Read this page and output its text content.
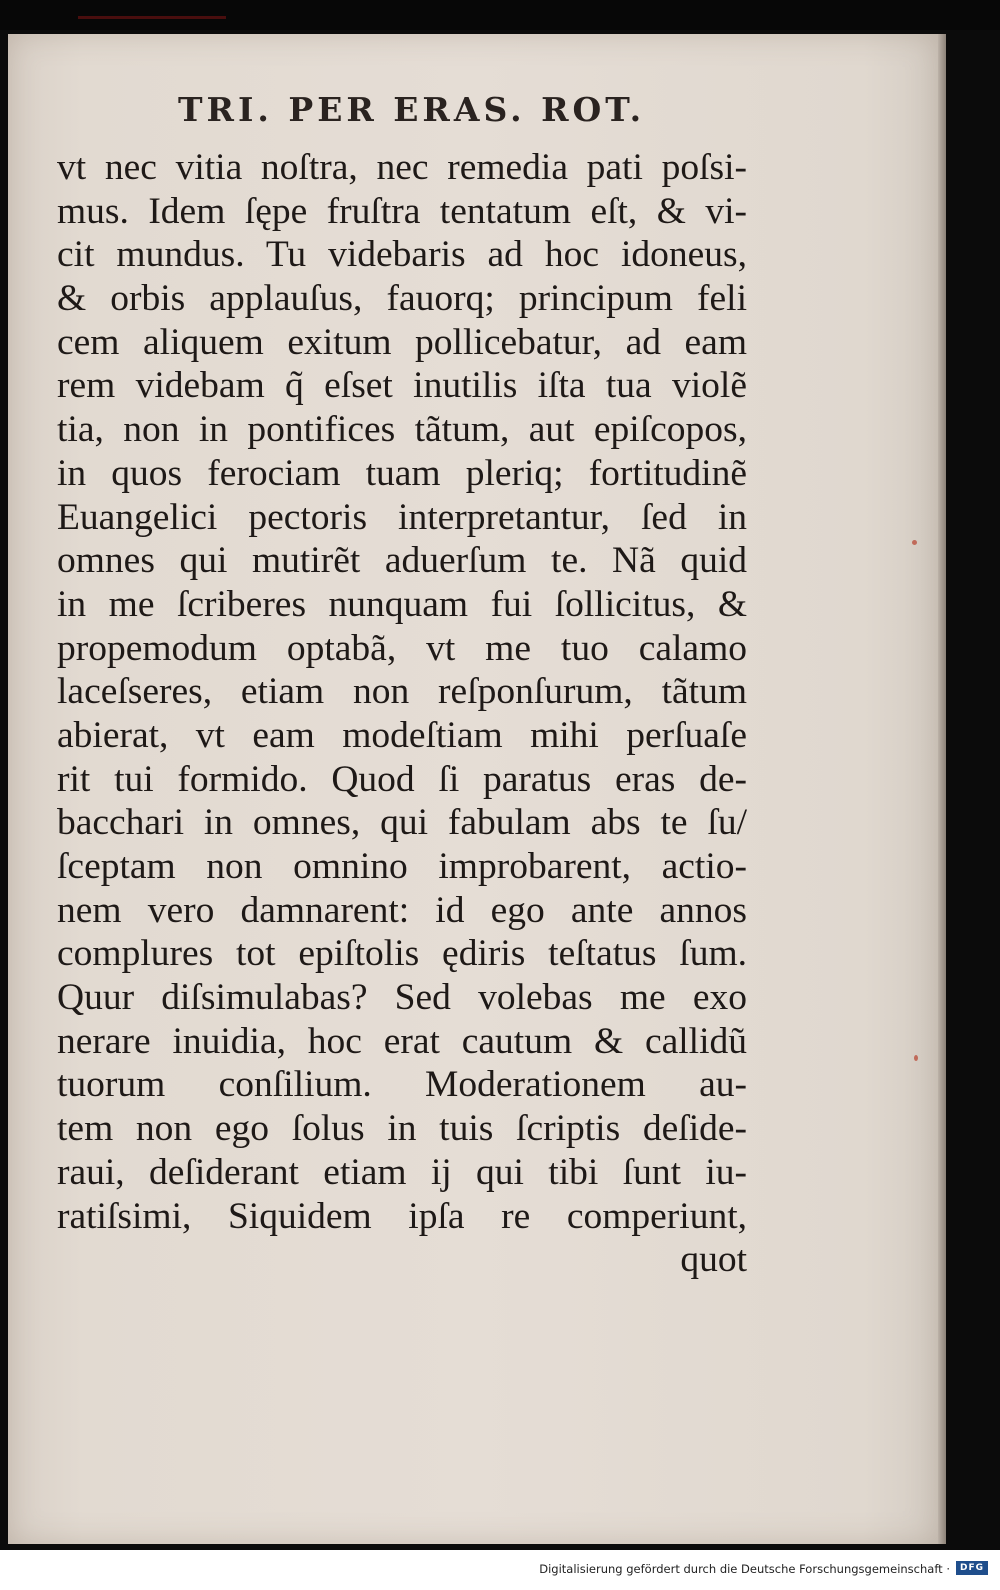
TRI. PER ERAS. ROT.
vt nec vitia noſtra, nec remedia pati poſsi-
mus. Idem ſępe fruſtra tentatum eſt, & vi-
cit mundus. Tu videbaris ad hoc idoneus,
& orbis applauſus, fauorq; principum feli
cem aliquem exitum pollicebatur, ad eam
rem videbam q̃ eſset inutilis iſta tua violẽ
tia, non in pontifices tãtum, aut epiſcopos,
in quos ferociam tuam pleriq; fortitudinẽ
Euangelici pectoris interpretantur, ſed in
omnes qui mutirẽt aduerſum te. Nã quid
in me ſcriberes nunquam fui ſollicitus, &
propemodum optabã, vt me tuo calamo
laceſseres, etiam non reſponſurum, tãtum
abierat, vt eam modeſtiam mihi perſuaſe
rit tui formido. Quod ſi paratus eras de-
bacchari in omnes, qui fabulam abs te ſu/
ſceptam non omnino improbarent, actio-
nem vero damnarent: id ego ante annos
complures tot epiſtolis ędiris teſtatus ſum.
Quur diſsimulabas? Sed volebas me exo
nerare inuidia, hoc erat cautum & callidũ
tuorum conſilium. Moderationem au-
tem non ego ſolus in tuis ſcriptis deſide-
raui, deſiderant etiam ĳ qui tibi ſunt iu-
ratiſsimi, Siquidem ipſa re comperiunt,
quot
Digitalisierung gefördert durch die Deutsche Forschungsgemeinschaft ·	DFG
